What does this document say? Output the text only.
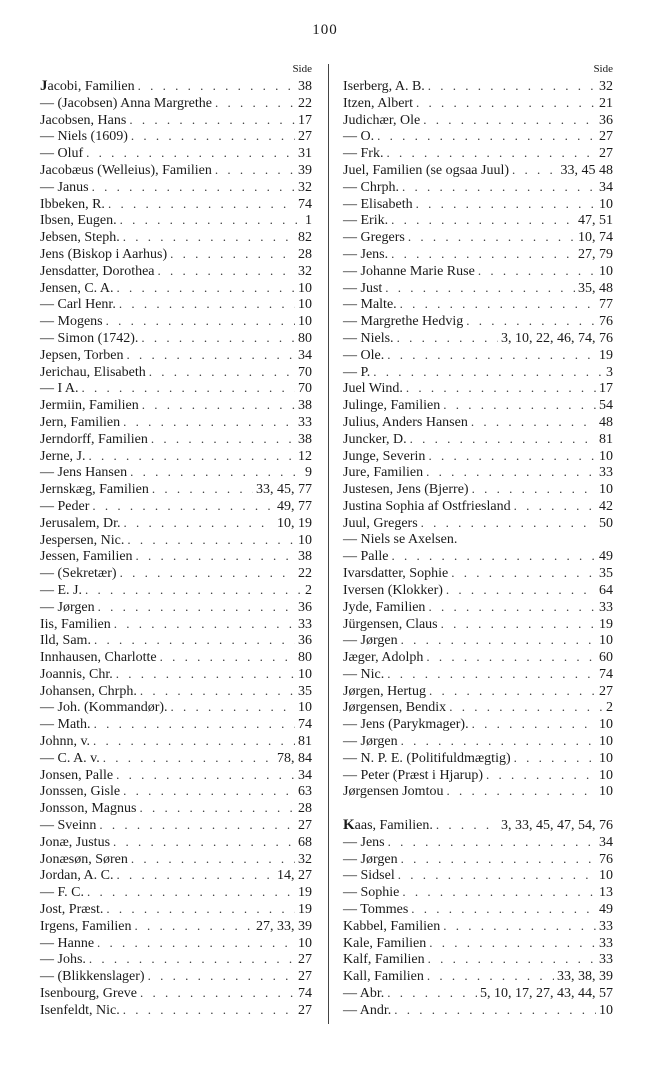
100
Side
Jacobi, Familien . . .	38
— (Jacobsen) Anna Margrethe . . .	22
Jacobsen, Hans . . .	17
— Niels (1609) . . .	27
— Oluf . . .	31
Jacobæus (Welleius), Familien . . .	39
— Janus . . .	32
Ibbeken, R. . . .	74
Ibsen, Eugen. . . .	1
Jebsen, Steph. . . .	82
Jens (Biskop i Aarhus) . . .	28
Jensdatter, Dorothea . . .	32
Jensen, C. A. . . .	10
— Carl Henr. . . .	10
— Mogens . . .	10
— Simon (1742). . . .	80
Jepsen, Torben . . .	34
Jerichau, Elisabeth . . .	70
— I A. . . .	70
Jermiin, Familien . . .	38
Jern, Familien . . .	33
Jerndorff, Familien . . .	38
Jerne, J. . . .	12
— Jens Hansen . . .	9
Jernskæg, Familien . . .	33, 45, 77
— Peder . . .	49, 77
Jerusalem, Dr. . . .	10, 19
Jespersen, Nic. . . .	10
Jessen, Familien . . .	38
— (Sekretær) . . .	22
— E. J. . . .	2
— Jørgen . . .	36
Iis, Familien . . .	33
Ild, Sam. . . .	36
Innhausen, Charlotte . . .	80
Joannis, Chr. . . .	10
Johansen, Chrph. . . .	35
— Joh. (Kommandør). . . .	10
— Math. . . .	74
Johnn, v. . . .	81
— C. A. v. . . .	78, 84
Jonsen, Palle . . .	34
Jonssen, Gisle . . .	63
Jonsson, Magnus . . .	28
— Sveinn . . .	27
Jonæ, Justus . . .	68
Jonæsøn, Søren . . .	32
Jordan, A. C. . . .	14, 27
— F. C. . . .	19
Jost, Præst. . . .	19
Irgens, Familien . . .	27, 33, 39
— Hanne . . .	10
— Johs. . . .	27
— (Blikkenslager) . . .	27
Isenbourg, Greve . . .	74
Isenfeldt, Nic. . . .	27
Side
Iserberg, A. B. . . .	32
Itzen, Albert . . .	21
Judichær, Ole . . .	36
— O. . . .	27
— Frk. . . .	27
Juel, Familien (se ogsaa Juul) . . .	33, 45 48
— Chrph. . . .	34
— Elisabeth . . .	10
— Erik. . . .	47, 51
— Gregers . . .	10, 74
— Jens. . . .	27, 79
— Johanne Marie Ruse . . .	10
— Just . . .	35, 48
— Malte. . . .	77
— Margrethe Hedvig . . .	76
— Niels. . . .	3, 10, 22, 46, 74, 76
— Ole. . . .	19
— P. . . .	3
Juel Wind. . . .	17
Julinge, Familien . . .	54
Julius, Anders Hansen . . .	48
Juncker, D. . . .	81
Junge, Severin . . .	10
Jure, Familien . . .	33
Justesen, Jens (Bjerre) . . .	10
Justina Sophia af Ostfriesland . . .	42
Juul, Gregers . . .	50
— Niels se Axelsen.
— Palle . . .	49
Ivarsdatter, Sophie . . .	35
Iversen (Klokker) . . .	64
Jyde, Familien . . .	33
Jürgensen, Claus . . .	19
— Jørgen . . .	10
Jæger, Adolph . . .	60
— Nic. . . .	74
Jørgen, Hertug . . .	27
Jørgensen, Bendix . . .	2
— Jens (Parykmager). . . .	10
— Jørgen . . .	10
— N. P. E. (Politifuldmægtig) . . .	10
— Peter (Præst i Hjarup) . . .	10
Jørgensen Jomtou . . .	10
Kaas, Familien. . . .	3, 33, 45, 47, 54, 76
— Jens . . .	34
— Jørgen . . .	76
— Sidsel . . .	10
— Sophie . . .	13
— Tommes . . .	49
Kabbel, Familien . . .	33
Kale, Familien . . .	33
Kalf, Familien . . .	33
Kall, Familien . . .	33, 38, 39
— Abr. . . .	5, 10, 17, 27, 43, 44, 57
— Andr. . . .	10
